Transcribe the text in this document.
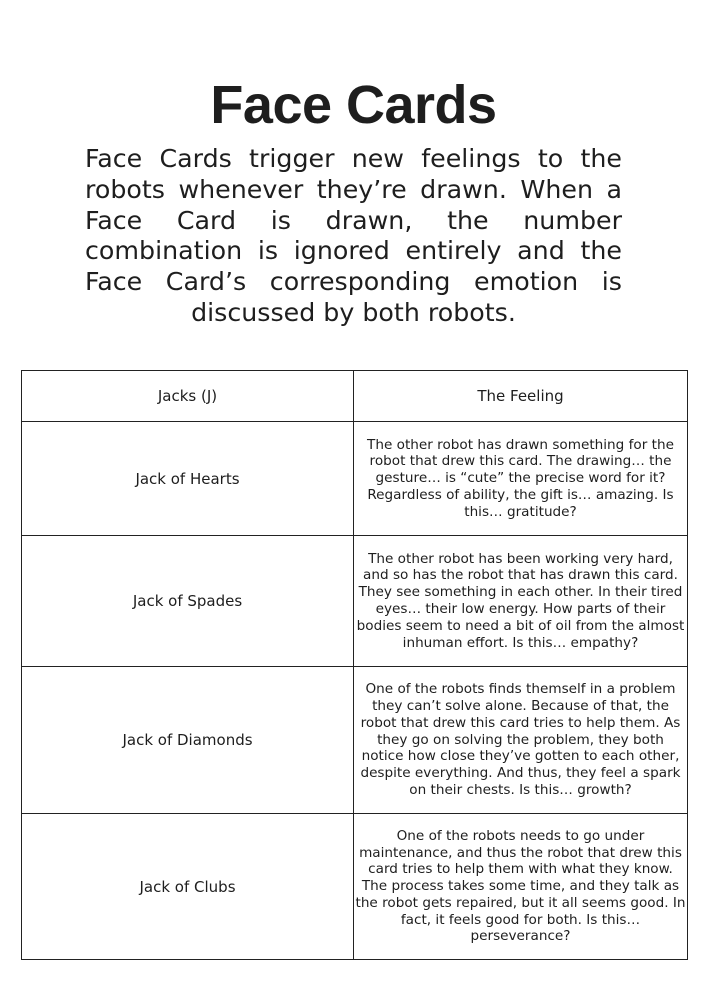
Face Cards

Face Cards trigger new feelings to the robots whenever they’re drawn. When a Face Card is drawn, the number combination is ignored entirely and the Face Card’s corresponding emotion is discussed by both robots.

Jacks (J)	The Feeling
Jack of Hearts	The other robot has drawn something for the robot that drew this card. The drawing… the gesture… is “cute” the precise word for it? Regardless of ability, the gift is… amazing. Is this… gratitude?
Jack of Spades	The other robot has been working very hard, and so has the robot that has drawn this card. They see something in each other. In their tired eyes… their low energy. How parts of their bodies seem to need a bit of oil from the almost inhuman effort. Is this… empathy?
Jack of Diamonds	One of the robots finds themself in a problem they can’t solve alone. Because of that, the robot that drew this card tries to help them. As they go on solving the problem, they both notice how close they’ve gotten to each other, despite everything. And thus, they feel a spark on their chests. Is this… growth?
Jack of Clubs	One of the robots needs to go under maintenance, and thus the robot that drew this card tries to help them with what they know. The process takes some time, and they talk as the robot gets repaired, but it all seems good. In fact, it feels good for both. Is this… perseverance?
